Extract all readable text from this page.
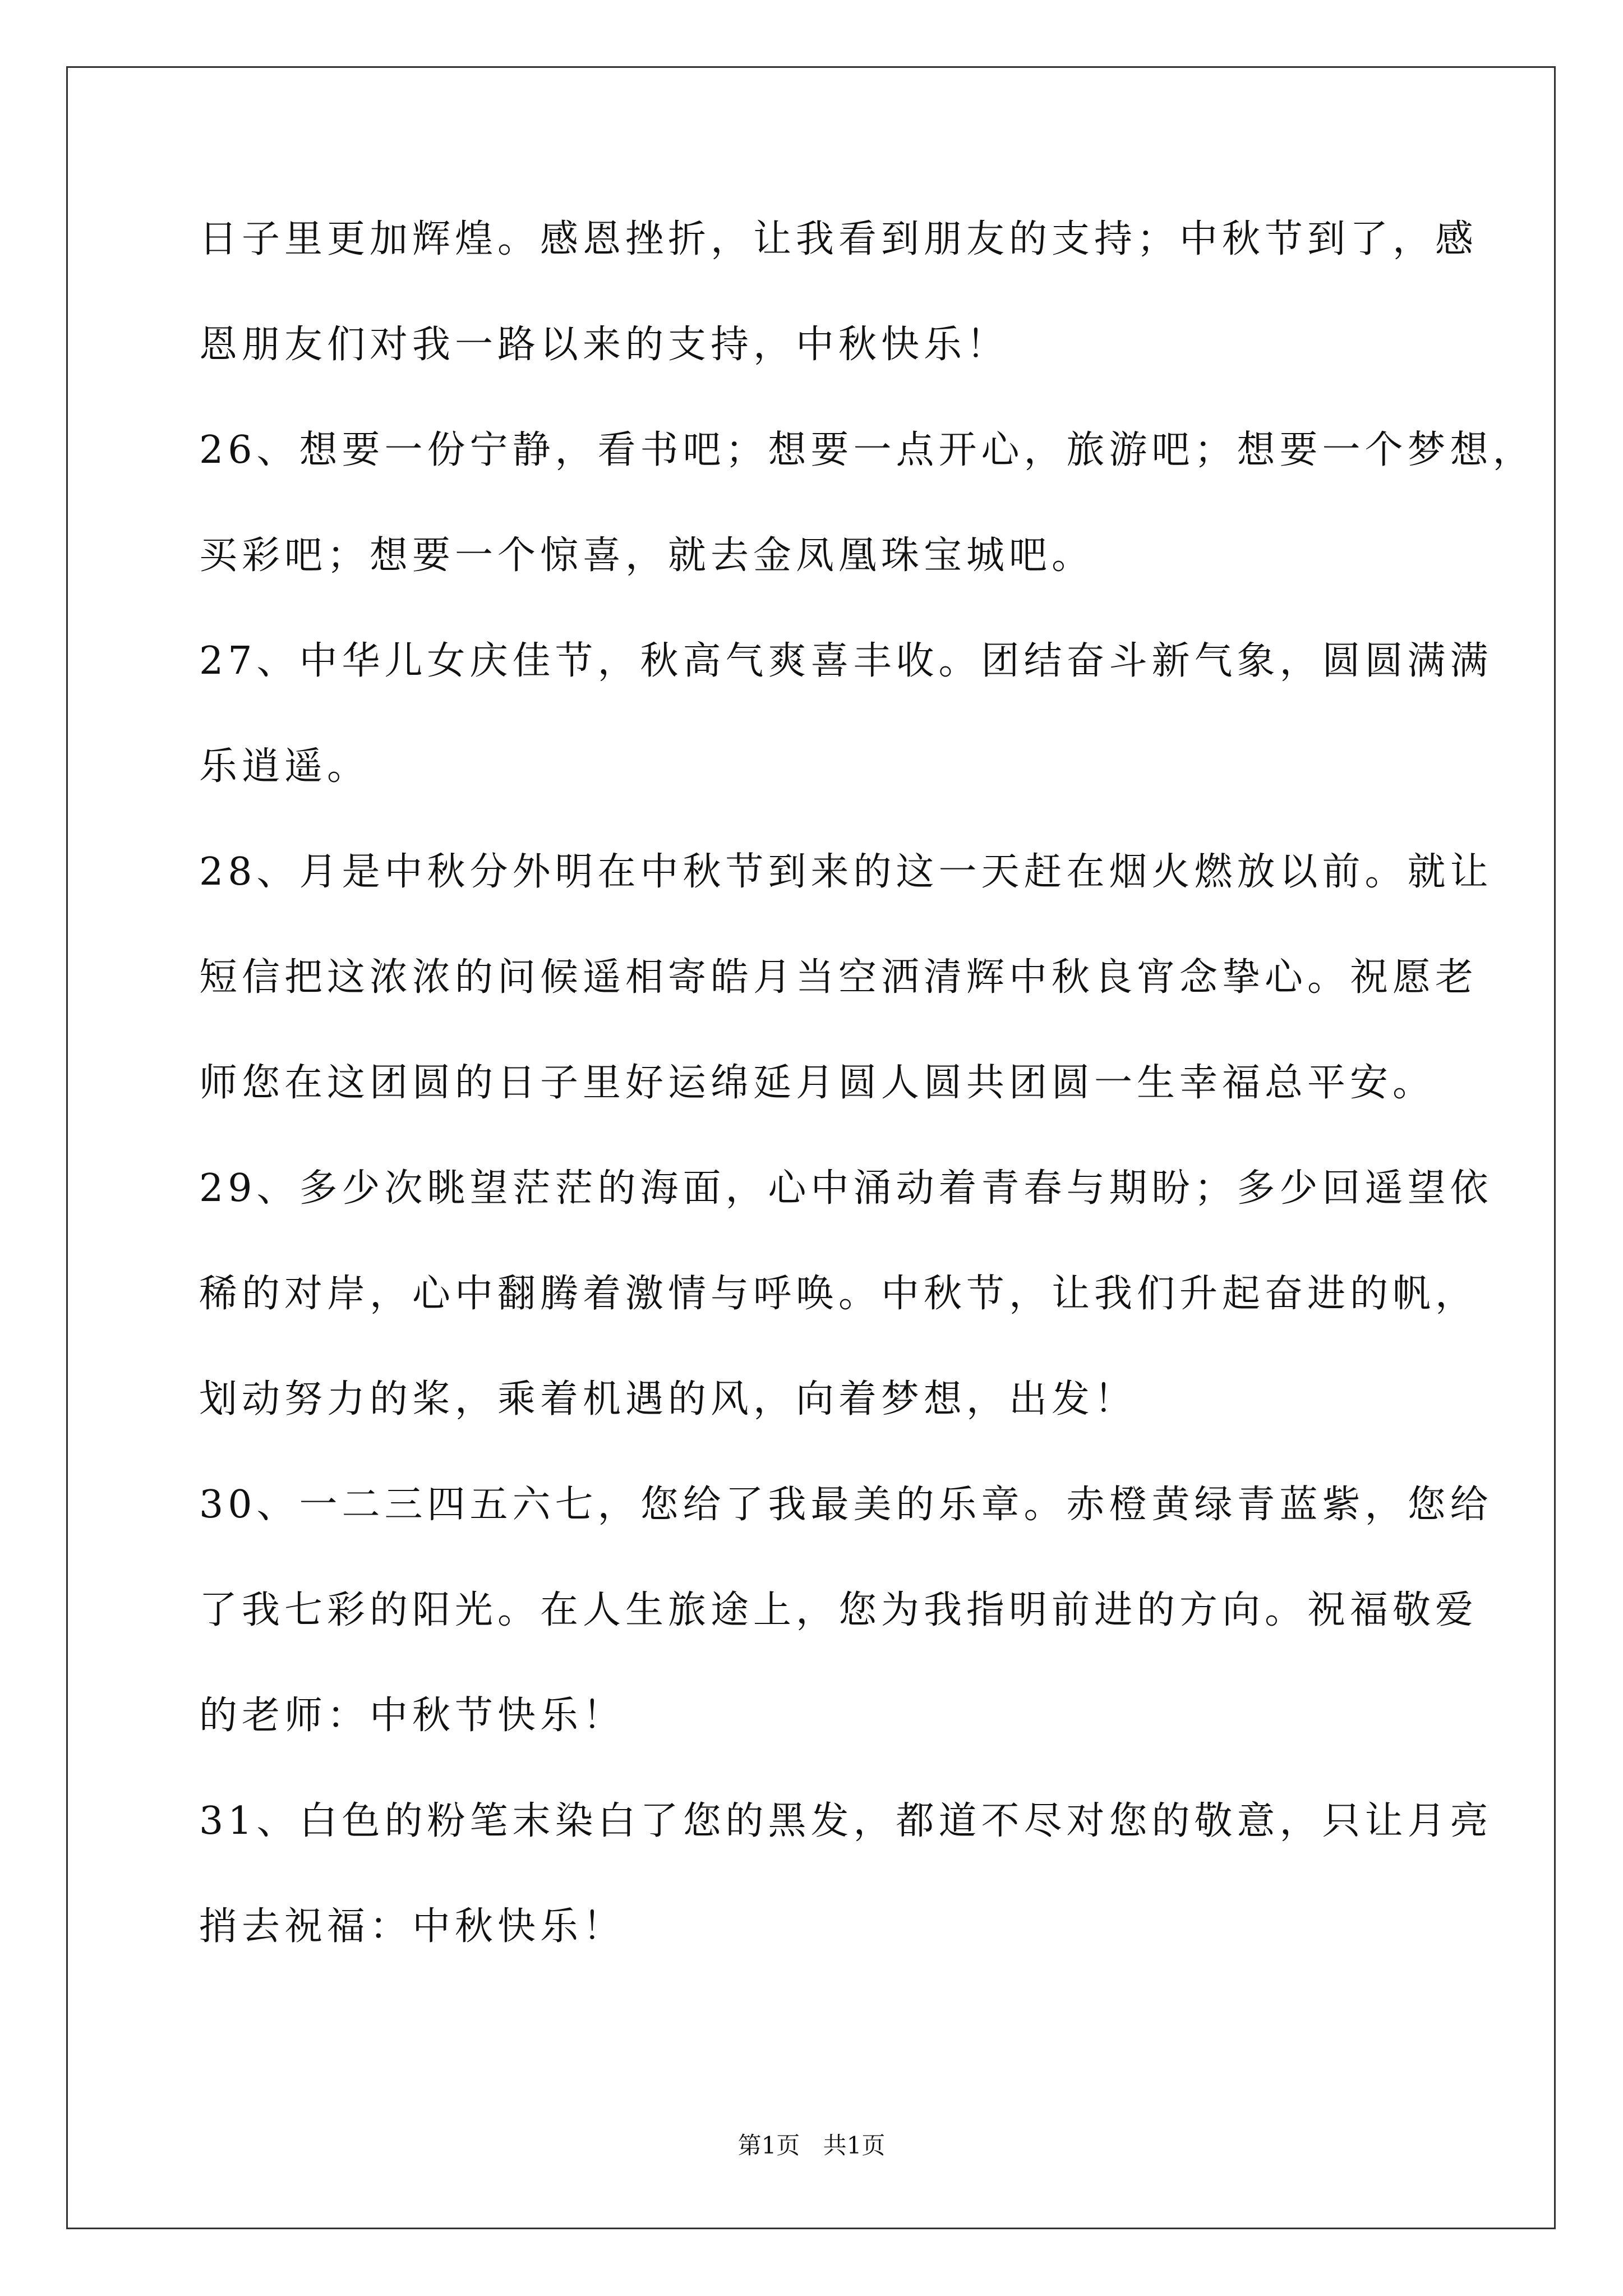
日子里更加辉煌。感恩挫折，让我看到朋友的支持；中秋节到了，感
恩朋友们对我一路以来的支持，中秋快乐！
26、想要一份宁静，看书吧；想要一点开心，旅游吧；想要一个梦想，
买彩吧；想要一个惊喜，就去金凤凰珠宝城吧。
27、中华儿女庆佳节，秋高气爽喜丰收。团结奋斗新气象，圆圆满满
乐逍遥。
28、月是中秋分外明在中秋节到来的这一天赶在烟火燃放以前。就让
短信把这浓浓的问候遥相寄皓月当空洒清辉中秋良宵念挚心。祝愿老
师您在这团圆的日子里好运绵延月圆人圆共团圆一生幸福总平安。
29、多少次眺望茫茫的海面，心中涌动着青春与期盼；多少回遥望依
稀的对岸，心中翻腾着激情与呼唤。中秋节，让我们升起奋进的帆，
划动努力的桨，乘着机遇的风，向着梦想，出发！
30、一二三四五六七，您给了我最美的乐章。赤橙黄绿青蓝紫，您给
了我七彩的阳光。在人生旅途上，您为我指明前进的方向。祝福敬爱
的老师：中秋节快乐！
31、白色的粉笔末染白了您的黑发，都道不尽对您的敬意，只让月亮
捎去祝福：中秋快乐！
第1页 共1页
